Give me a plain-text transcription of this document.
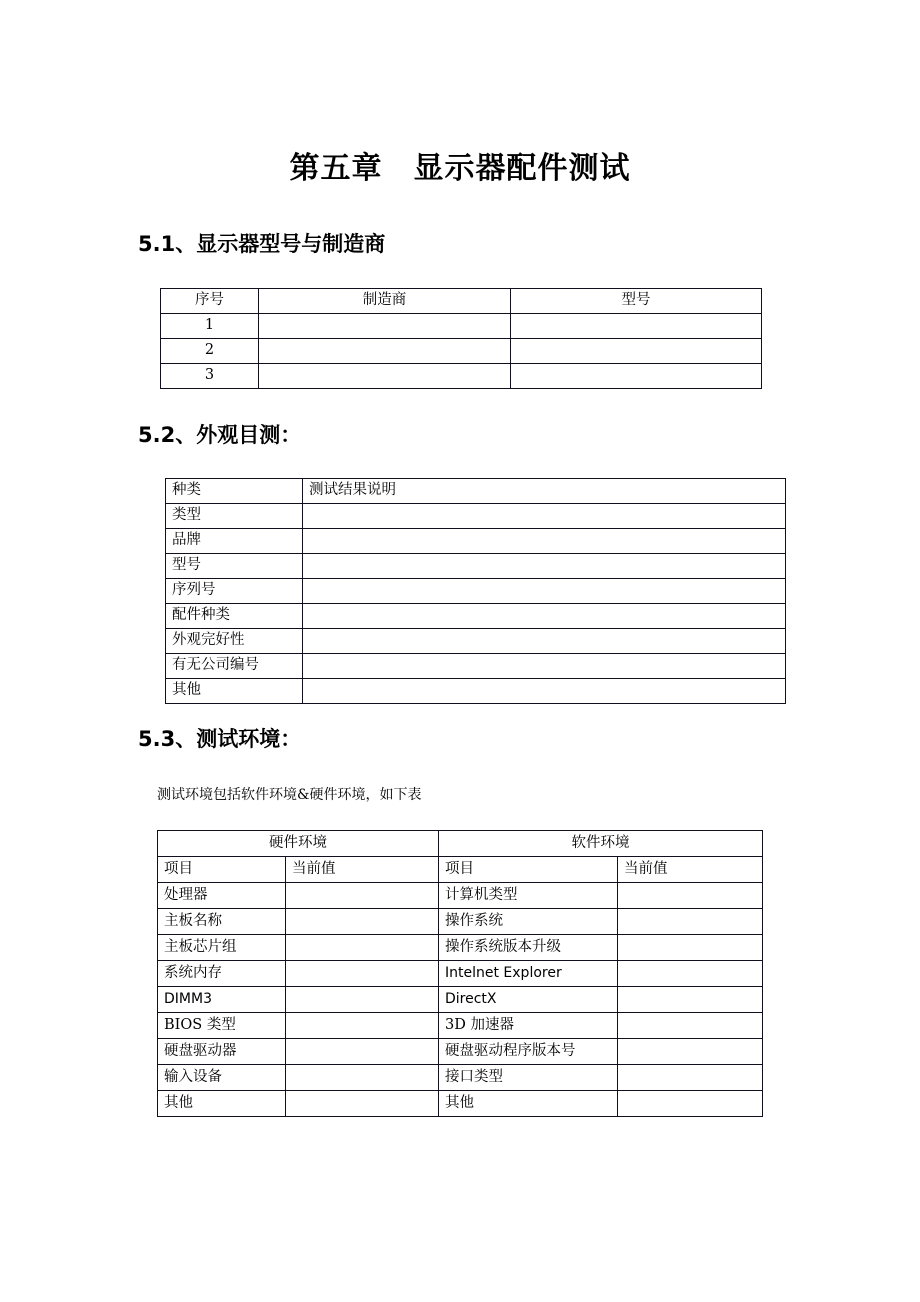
第五章　显示器配件测试
5.1、显示器型号与制造商
序号	制造商	型号
1		
2		
3		
5.2、外观目测：
种类	测试结果说明
类型	
品牌	
型号	
序列号	
配件种类	
外观完好性	
有无公司编号	
其他	
5.3、测试环境：
测试环境包括软件环境&硬件环境，如下表
硬件环境		软件环境	
项目	当前值	项目	当前值
处理器		计算机类型	
主板名称		操作系统	
主板芯片组		操作系统版本升级	
系统内存		Intelnet Explorer	
DIMM3		DirectX	
BIOS 类型		3D 加速器	
硬盘驱动器		硬盘驱动程序版本号	
输入设备		接口类型	
其他		其他	
